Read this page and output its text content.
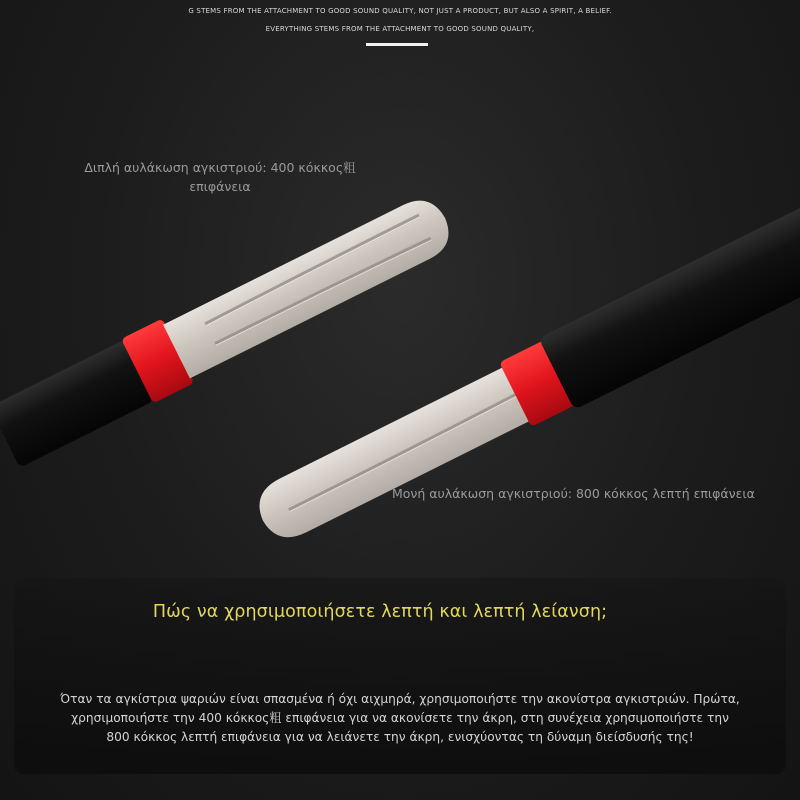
G STEMS FROM THE ATTACHMENT TO GOOD SOUND QUALITY, NOT JUST A PRODUCT, BUT ALSO A SPIRIT, A BELIEF.
EVERYTHING STEMS FROM THE ATTACHMENT TO GOOD SOUND QUALITY,
Διπλή αυλάκωση αγκιστριού: 400 κόκκος粗
επιφάνεια
Μονή αυλάκωση αγκιστριού: 800 κόκκος λεπτή επιφάνεια
Πώς να χρησιμοποιήσετε λεπτή και λεπτή λείανση;
Όταν τα αγκίστρια ψαριών είναι σπασμένα ή όχι αιχμηρά, χρησιμοποιήστε την ακονίστρα αγκιστριών. Πρώτα,
χρησιμοποιήστε την 400 κόκκος粗 επιφάνεια για να ακονίσετε την άκρη, στη συνέχεια χρησιμοποιήστε την
800 κόκκος λεπτή επιφάνεια για να λειάνετε την άκρη, ενισχύοντας τη δύναμη διείσδυσής της!
